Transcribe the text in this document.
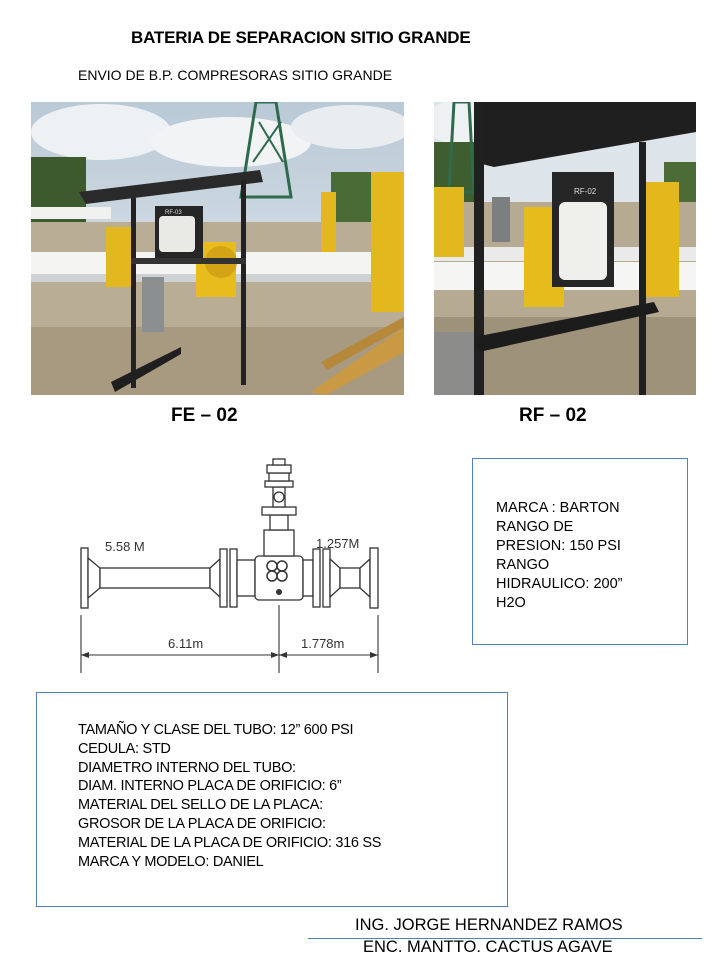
BATERIA DE SEPARACION SITIO GRANDE
ENVIO DE B.P. COMPRESORAS SITIO GRANDE
RF-03
RF-02
FE – 02	RF – 02
5.58 M	1.257M
6.11m	1.778m
MARCA : BARTON
RANGO DE
PRESION: 150 PSI
RANGO
HIDRAULICO: 200”
H2O
TAMAÑO Y CLASE DEL TUBO: 12” 600 PSI
CEDULA: STD
DIAMETRO INTERNO DEL TUBO:
DIAM. INTERNO PLACA DE ORIFICIO: 6”
MATERIAL DEL SELLO DE LA PLACA:
GROSOR DE LA PLACA DE ORIFICIO:
MATERIAL DE LA PLACA DE ORIFICIO: 316 SS
MARCA Y MODELO: DANIEL
ING. JORGE HERNANDEZ RAMOS
ENC. MANTTO. CACTUS AGAVE
